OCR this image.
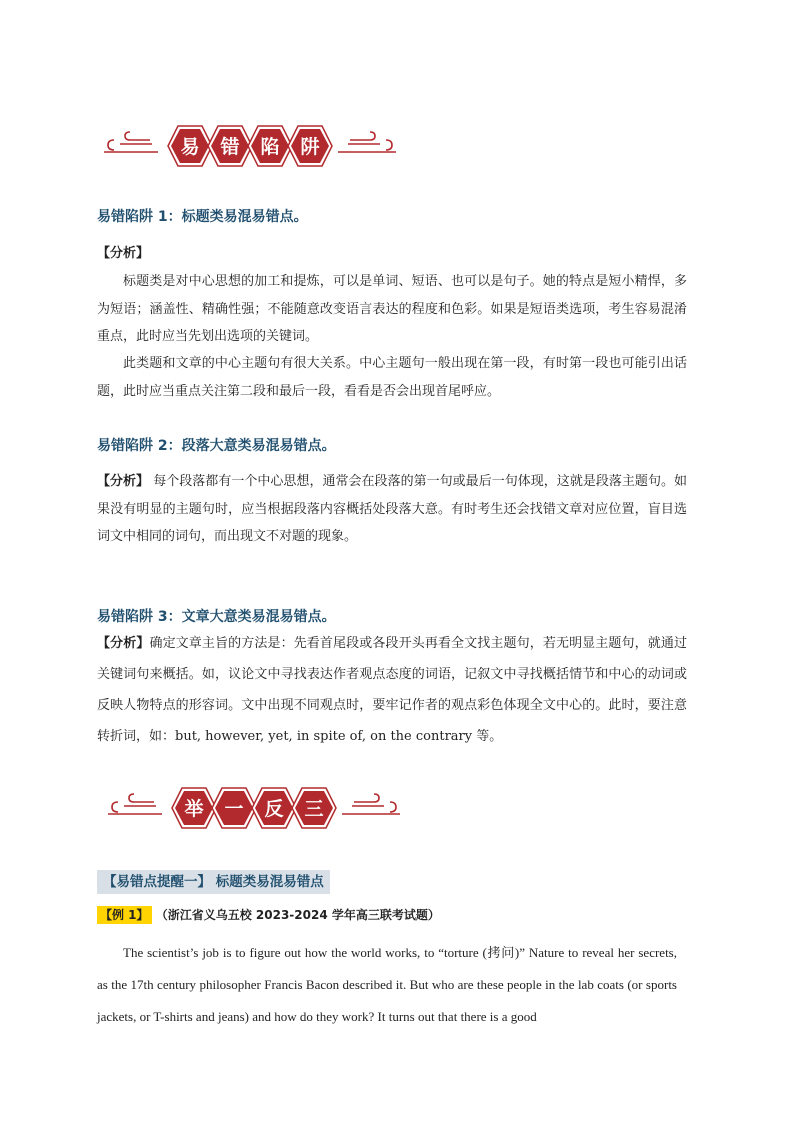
易 错 陷 阱
易错陷阱 1：标题类易混易错点。

【分析】

标题类是对中心思想的加工和提炼，可以是单词、短语、也可以是句子。她的特点是短小精悍，多为短语；涵盖性、精确性强；不能随意改变语言表达的程度和色彩。如果是短语类选项，考生容易混淆重点，此时应当先划出选项的关键词。

此类题和文章的中心主题句有很大关系。中心主题句一般出现在第一段，有时第一段也可能引出话题，此时应当重点关注第二段和最后一段，看看是否会出现首尾呼应。

易错陷阱 2：段落大意类易混易错点。

【分析】 每个段落都有一个中心思想，通常会在段落的第一句或最后一句体现，这就是段落主题句。如果没有明显的主题句时，应当根据段落内容概括处段落大意。有时考生还会找错文章对应位置，盲目选词文中相同的词句，而出现文不对题的现象。

易错陷阱 3：文章大意类易混易错点。

【分析】确定文章主旨的方法是：先看首尾段或各段开头再看全文找主题句，若无明显主题句，就通过关键词句来概括。如，议论文中寻找表达作者观点态度的词语，记叙文中寻找概括情节和中心的动词或反映人物特点的形容词。文中出现不同观点时，要牢记作者的观点彩色体现全文中心的。此时，要注意转折词，如：but, however, yet, in spite of, on the contrary 等。

举 一 反 三
【易错点提醒一】 标题类易混易错点
【例 1】 （浙江省义乌五校 2023-2024 学年高三联考试题）

The scientist’s job is to figure out how the world works, to “torture (拷问)” Nature to reveal her secrets, as the 17th century philosopher Francis Bacon described it. But who are these people in the lab coats (or sports jackets, or T-shirts and jeans) and how do they work? It turns out that there is a good
